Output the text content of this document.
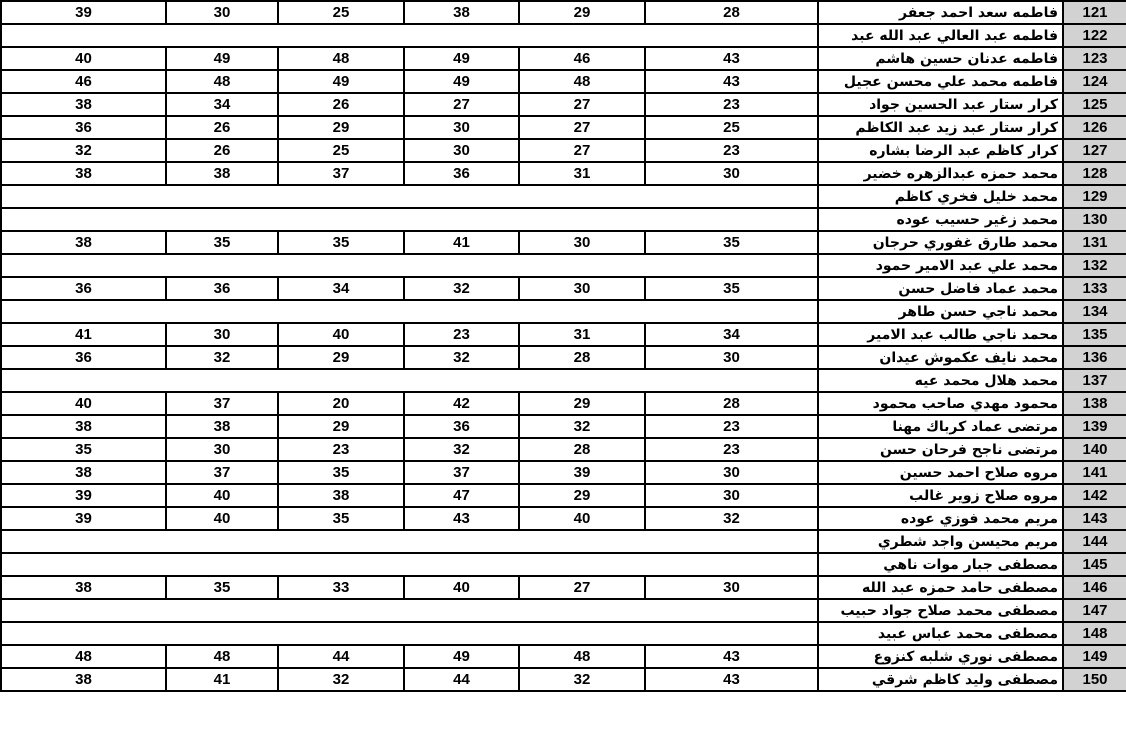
39	30	25	38	29	28	فاطمه سعد احمد جعفر	121
						فاطمه عبد العالي عبد الله عبد	122
40	49	48	49	46	43	فاطمه عدنان حسين هاشم	123
46	48	49	49	48	43	فاطمه محمد علي محسن عجيل	124
38	34	26	27	27	23	كرار ستار عبد الحسين جواد	125
36	26	29	30	27	25	كرار ستار عبد زيد عبد الكاظم	126
32	26	25	30	27	23	كرار كاظم عبد الرضا بشاره	127
38	38	37	36	31	30	محمد حمزه عبدالزهره خضير	128
						محمد خليل فخري كاظم	129
						محمد زغير حسيب عوده	130
38	35	35	41	30	35	محمد طارق غفوري حرجان	131
						محمد علي عبد الامير حمود	132
36	36	34	32	30	35	محمد عماد فاضل حسن	133
						محمد ناجي حسن طاهر	134
41	30	40	23	31	34	محمد ناجي طالب عبد الامير	135
36	32	29	32	28	30	محمد نايف عكموش عيدان	136
						محمد هلال محمد عيه	137
40	37	20	42	29	28	محمود مهدي صاحب محمود	138
38	38	29	36	32	23	مرتضى عماد كرباك مهنا	139
35	30	23	32	28	23	مرتضى ناجح فرحان حسن	140
38	37	35	37	39	30	مروه صلاح احمد حسين	141
39	40	38	47	29	30	مروه صلاح زوير غالب	142
39	40	35	43	40	32	مريم محمد فوزي عوده	143
						مريم محيسن واجد شطري	144
						مصطفى جبار موات ناهي	145
38	35	33	40	27	30	مصطفى حامد حمزه عبد الله	146
						مصطفى محمد صلاح جواد حبيب	147
						مصطفى محمد عباس عبيد	148
48	48	44	49	48	43	مصطفى نوري شلبه كنزوع	149
38	41	32	44	32	43	مصطفى وليد كاظم شرقي	150
